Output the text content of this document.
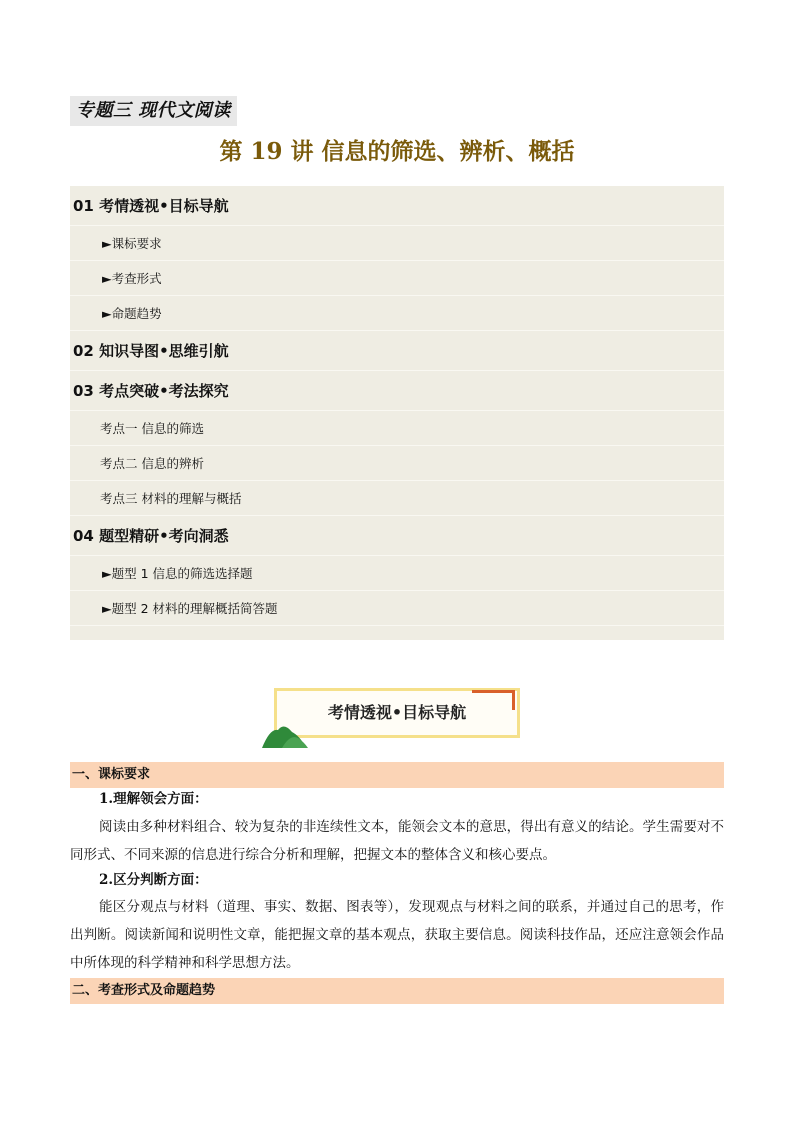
专题三 现代文阅读
第 19 讲 信息的筛选、辨析、概括
01 考情透视•目标导航
►课标要求
►考查形式
►命题趋势
02 知识导图•思维引航
03 考点突破•考法探究
考点一 信息的筛选
考点二 信息的辨析
考点三 材料的理解与概括
04 题型精研•考向洞悉
►题型 1 信息的筛选选择题
►题型 2 材料的理解概括简答题
考情透视•目标导航
一、课标要求
1.理解领会方面：
阅读由多种材料组合、较为复杂的非连续性文本，能领会文本的意思，得出有意义的结论。学生需要对不同形式、不同来源的信息进行综合分析和理解，把握文本的整体含义和核心要点。
2.区分判断方面：
能区分观点与材料（道理、事实、数据、图表等），发现观点与材料之间的联系，并通过自己的思考，作出判断。阅读新闻和说明性文章，能把握文章的基本观点，获取主要信息。阅读科技作品，还应注意领会作品中所体现的科学精神和科学思想方法。
二、考查形式及命题趋势
